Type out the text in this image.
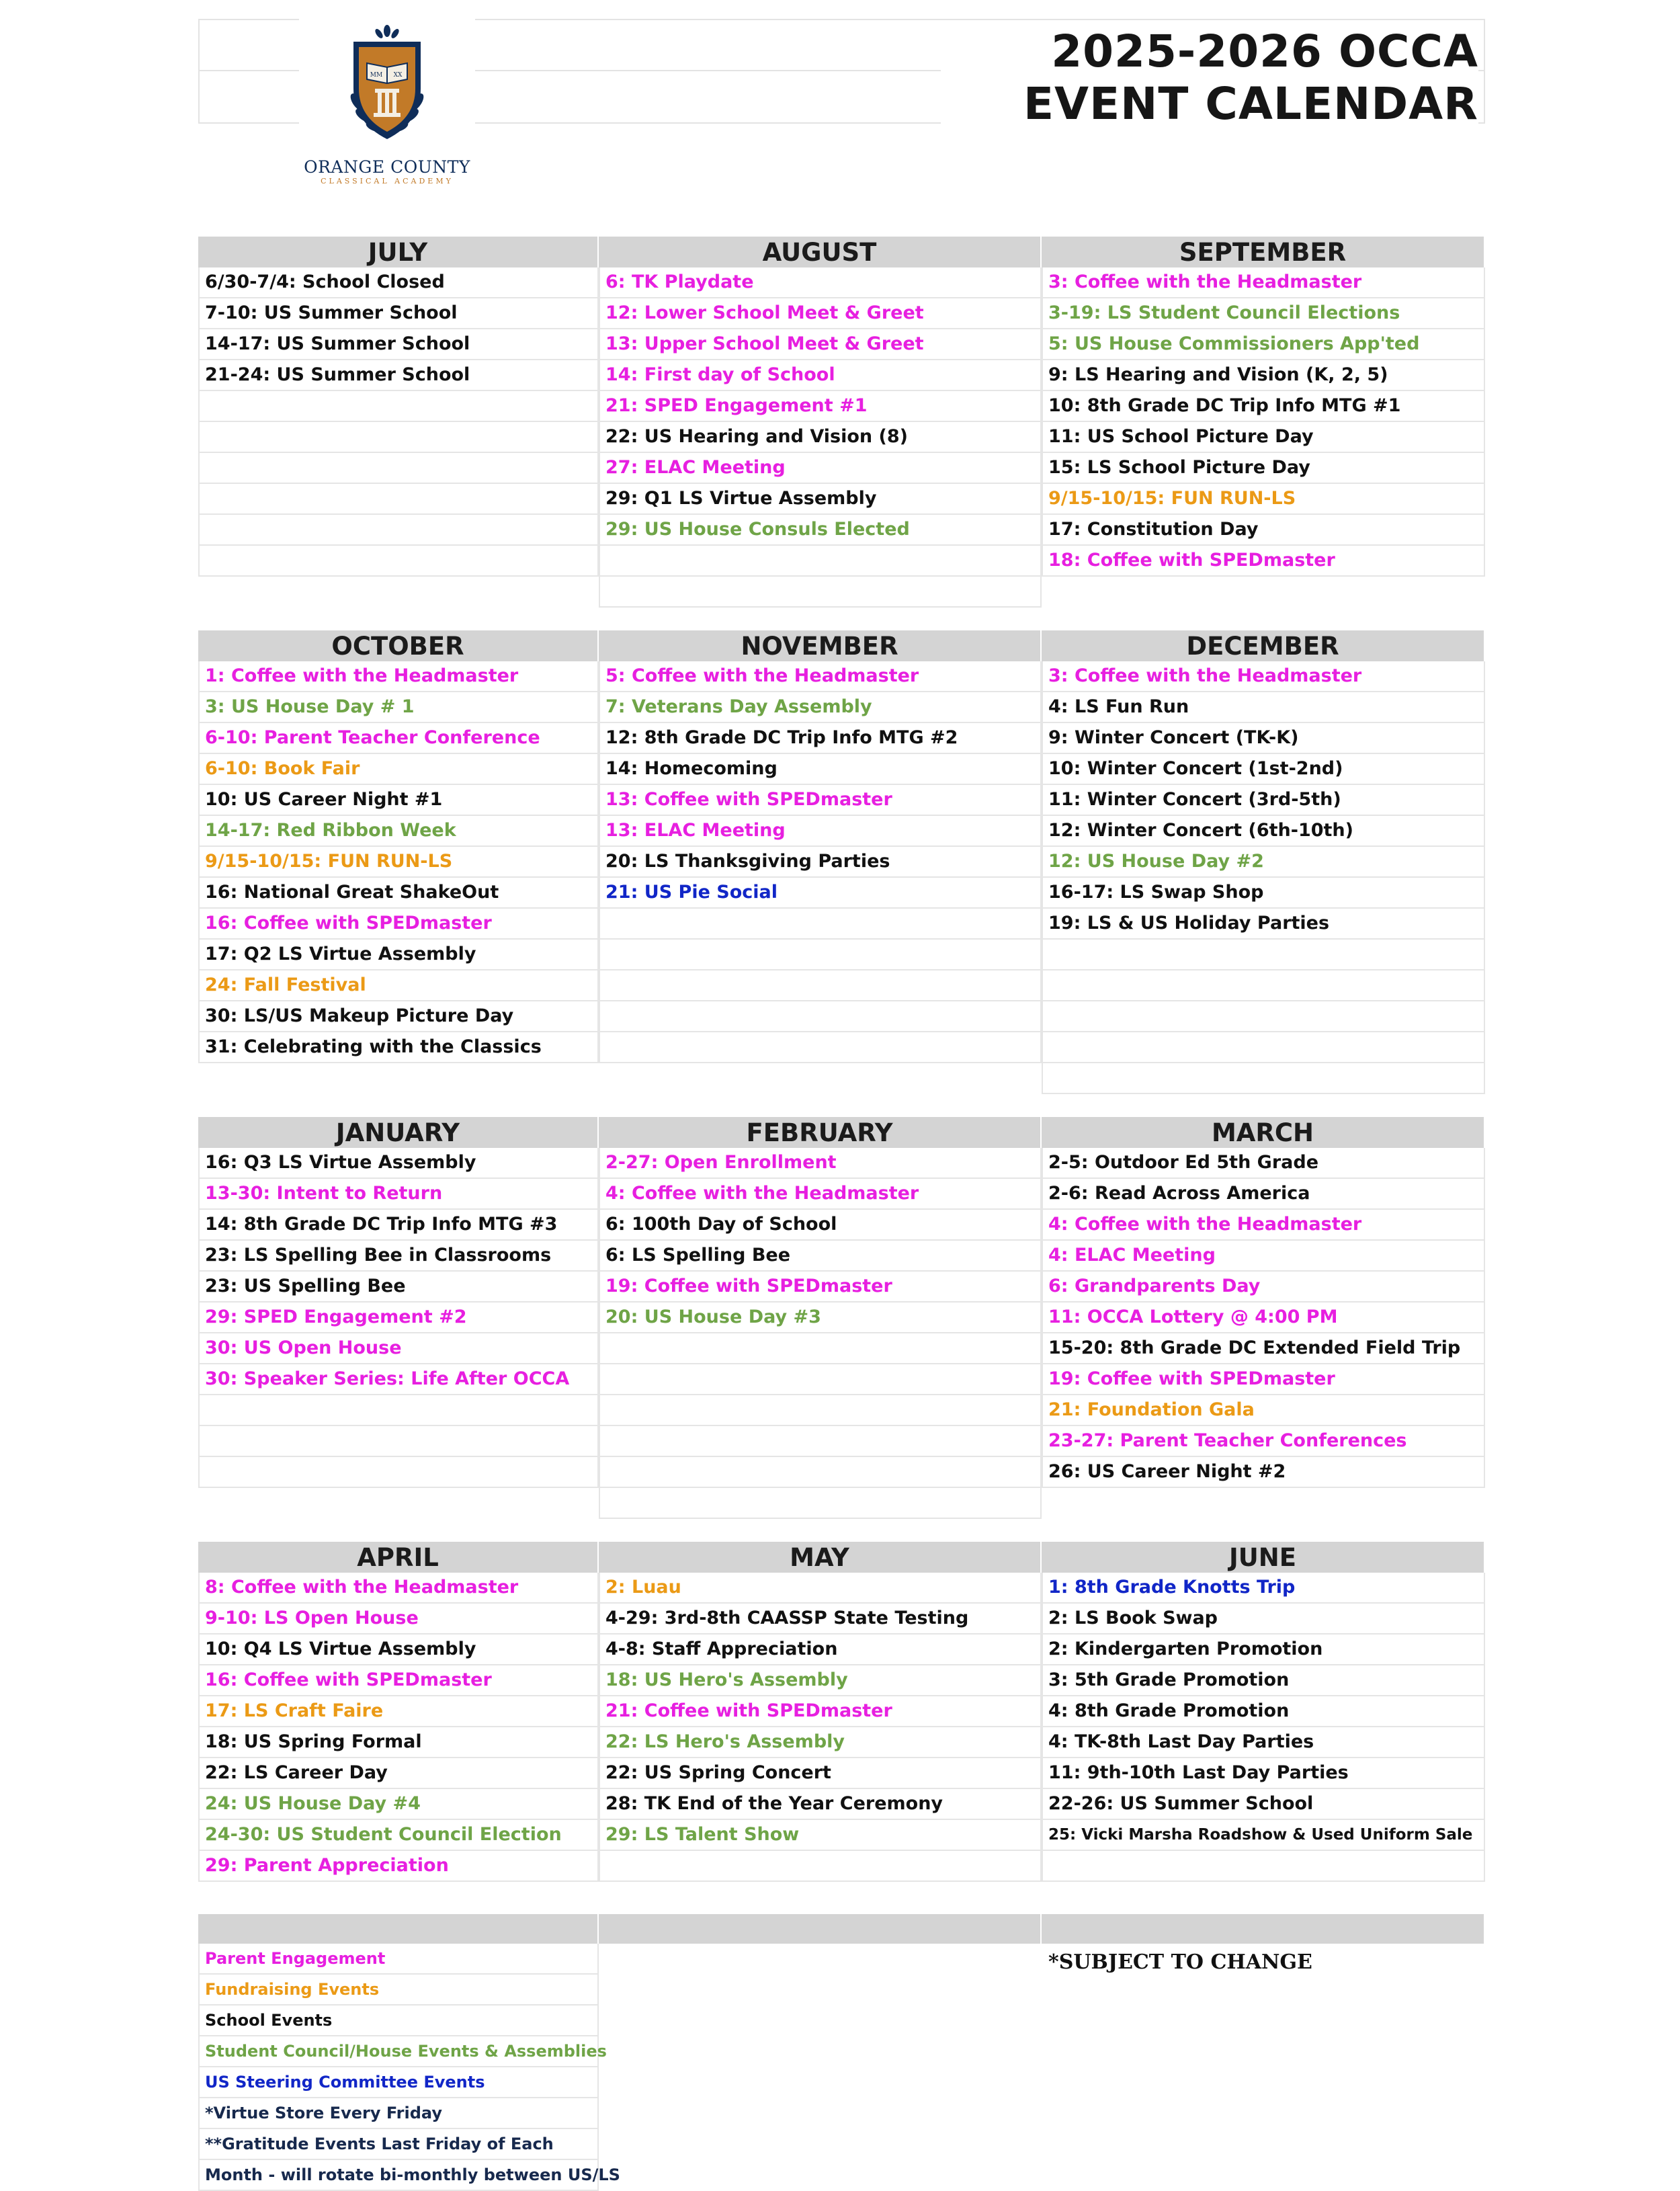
MM XX
ORANGE COUNTY
CLASSICAL ACADEMY
2025-2026 OCCA
EVENT CALENDAR
JULY
6/30-7/4: School Closed
7-10: US Summer School
14-17: US Summer School
21-24: US Summer School
AUGUST
6: TK Playdate
12: Lower School Meet & Greet
13: Upper School Meet & Greet
14: First day of School
21: SPED Engagement #1
22: US Hearing and Vision (8)
27: ELAC Meeting
29: Q1 LS Virtue Assembly
29: US House Consuls Elected
SEPTEMBER
3: Coffee with the Headmaster
3-19: LS Student Council Elections
5: US House Commissioners App'ted
9: LS Hearing and Vision (K, 2, 5)
10: 8th Grade DC Trip Info MTG #1
11: US School Picture Day
15: LS School Picture Day
9/15-10/15: FUN RUN-LS
17: Constitution Day
18: Coffee with SPEDmaster
OCTOBER
1: Coffee with the Headmaster
3: US House Day # 1
6-10: Parent Teacher Conference
6-10: Book Fair
10: US Career Night #1
14-17: Red Ribbon Week
9/15-10/15: FUN RUN-LS
16: National Great ShakeOut
16: Coffee with SPEDmaster
17: Q2 LS Virtue Assembly
24: Fall Festival
30: LS/US Makeup Picture Day
31: Celebrating with the Classics
NOVEMBER
5: Coffee with the Headmaster
7: Veterans Day Assembly
12: 8th Grade DC Trip Info MTG #2
14: Homecoming
13: Coffee with SPEDmaster
13: ELAC Meeting
20: LS Thanksgiving Parties
21: US Pie Social
DECEMBER
3: Coffee with the Headmaster
4: LS Fun Run
9: Winter Concert (TK-K)
10: Winter Concert (1st-2nd)
11: Winter Concert (3rd-5th)
12: Winter Concert (6th-10th)
12: US House Day #2
16-17: LS Swap Shop
19: LS & US Holiday Parties
JANUARY
16: Q3 LS Virtue Assembly
13-30: Intent to Return
14: 8th Grade DC Trip Info MTG #3
23: LS Spelling Bee in Classrooms
23: US Spelling Bee
29: SPED Engagement #2
30: US Open House
30: Speaker Series: Life After OCCA
FEBRUARY
2-27: Open Enrollment
4: Coffee with the Headmaster
6: 100th Day of School
6: LS Spelling Bee
19: Coffee with SPEDmaster
20: US House Day #3
MARCH
2-5: Outdoor Ed 5th Grade
2-6: Read Across America
4: Coffee with the Headmaster
4: ELAC Meeting
6: Grandparents Day
11: OCCA Lottery @ 4:00 PM
15-20: 8th Grade DC Extended Field Trip
19: Coffee with SPEDmaster
21: Foundation Gala
23-27: Parent Teacher Conferences
26: US Career Night #2
APRIL
8: Coffee with the Headmaster
9-10: LS Open House
10: Q4 LS Virtue Assembly
16: Coffee with SPEDmaster
17: LS Craft Faire
18: US Spring Formal
22: LS Career Day
24: US House Day #4
24-30: US Student Council Election
29: Parent Appreciation
MAY
2: Luau
4-29: 3rd-8th CAASSP State Testing
4-8: Staff Appreciation
18: US Hero's Assembly
21: Coffee with SPEDmaster
22: LS Hero's Assembly
22: US Spring Concert
28: TK End of the Year Ceremony
29: LS Talent Show
JUNE
1: 8th Grade Knotts Trip
2: LS Book Swap
2: Kindergarten Promotion
3: 5th Grade Promotion
4: 8th Grade Promotion
4: TK-8th Last Day Parties
11: 9th-10th Last Day Parties
22-26: US Summer School
25: Vicki Marsha Roadshow & Used Uniform Sale
Parent Engagement
Fundraising Events
School Events
Student Council/House Events & Assemblies
US Steering Committee Events
*Virtue Store Every Friday
**Gratitude Events Last Friday of Each
Month - will rotate bi-monthly between US/LS
*SUBJECT TO CHANGE
